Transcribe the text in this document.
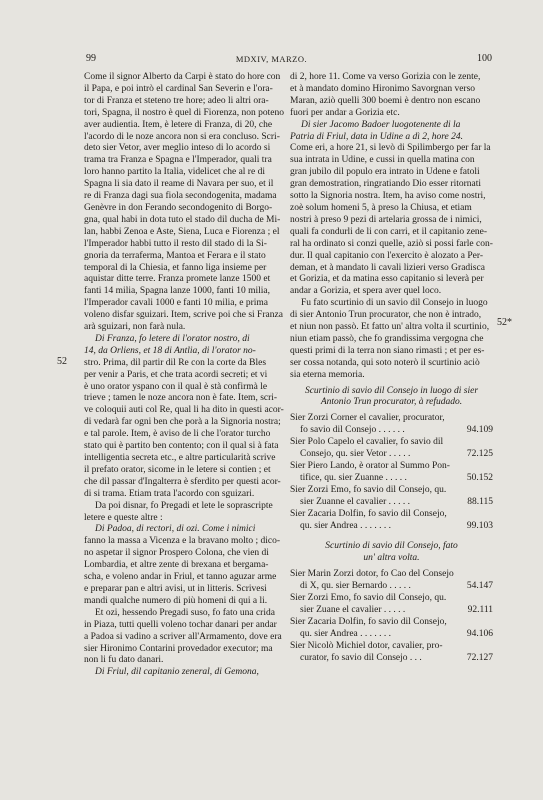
99	MDXIV, MARZO.	100
52
52*

Come il signor Alberto da Carpi è stato do hore con
il Papa, e poi intrò el cardinal San Severin e l'ora-
tor di Franza et steteno tre hore; adeo li altri ora-
tori, Spagna, il nostro è quel di Fiorenza, non poteno
aver audientia. Item, è letere di Franza, di 20, che
l'acordo di le noze ancora non si era concluso. Scri-
deto sier Vetor, aver meglio inteso di lo acordo si
trama tra Franza e Spagna e l'Imperador, quali tra
loro hanno partito la Italia, videlicet che al re di
Spagna li sia dato il reame di Navara per suo, et il
re di Franza dagi sua fiola secondogenita, madama
Genèvre in don Ferando secondogenito di Borgo-
gna, qual habi in dota tuto el stado dil ducha de Mi-
lan, habbi Zenoa e Aste, Siena, Luca e Fiorenza ; el
l'Imperador habbi tutto il resto dil stado di la Si-
gnoria da terraferma, Mantoa et Ferara e il stato
temporal di la Chiesia, et fanno liga insieme per
aquistar ditte terre. Franza promete lanze 1500 et
fanti 14 milia, Spagna lanze 1000, fanti 10 milia,
l'Imperador cavali 1000 e fanti 10 milia, e prima
voleno disfar sguizari. Item, scrive poi che si Franza
arà sguizari, non farà nula.

Di Franza, fo letere di l'orator nostro, di
14, da Orliens, et 18 di Antlia, di l'orator no-
stro. Prima, dil partir dil Re con la corte da Bles
per venir a Paris, et che trata acordi secreti; et vi
è uno orator yspano con il qual è stà confirmà le
trieve ; tamen le noze ancora non è fate. Item, scri-
ve coloquii auti col Re, qual li ha dito in questi acor-
di vedarà far ogni ben che porà a la Signoria nostra;
e tal parole. Item, è aviso de li che l'orator turcho
stato qui è partito ben contento; con il qual si à fata
intelligentia secreta etc., e altre particularità scrive
il prefato orator, sicome in le letere si contien ; et
che dil passar d'Ingalterra è sferdito per questi acor-
di si trama. Etiam trata l'acordo con sguizari.

Da poi disnar, fo Pregadi et lete le soprascripte
letere e queste altre :

Di Padoa, di rectori, di ozi. Come i nimici
fanno la massa a Vicenza e la bravano molto ; dico-
no aspetar il signor Prospero Colona, che vien di
Lombardia, et altre zente di brexana et bergama-
scha, e voleno andar in Friul, et tanno aguzar arme
e preparar pan e altri avisi, ut in litteris. Scrivesi
mandi qualche numero di più homeni di qui a li.

Et ozi, hessendo Pregadi suso, fo fato una crida
in Piaza, tutti quelli voleno tochar danari per andar
a Padoa si vadino a scriver all'Armamento, dove era
sier Hironimo Contarini provedador executor; ma
non li fu dato danari.

Di Friul, dil capitanio zeneral, di Gemona,

di 2, hore 11. Come va verso Gorizia con le zente,
et à mandato domino Hironimo Savorgnan verso
Maran, aziò quelli 300 boemi è dentro non escano
fuori per andar a Gorizia etc.

Di sier Jacomo Badoer luogotenente di la
Patria di Friul, data in Udine a dì 2, hore 24.
Come eri, a hore 21, si levò di Spilimbergo per far la
sua intrata in Udine, e cussi in quella matina con
gran jubilo dil populo era intrato in Udene e fatoli
gran demostration, ringratiando Dio esser ritornati
sotto la Signoria nostra. Item, ha aviso come nostri,
zoè solum homeni 5, à preso la Chiusa, et etiam
nostri à preso 9 pezi di artelaria grossa de i nimici,
quali fa condurli de li con carri, et il capitanio zene-
ral ha ordinato si conzi quelle, aziò si possi farle con-
dur. Il qual capitanio con l'exercito è alozato a Per-
deman, et à mandato li cavali lizieri verso Gradisca
et Gorizia, et da matina esso capitanio si leverà per
andar a Gorizia, et spera aver quel loco.

Fu fato scurtinio di un savio dil Consejo in luogo
di sier Antonio Trun procurator, che non è intrado,
et niun non passò. Et fatto un' altra volta il scurtinio,
niun etiam passò, che fo grandissima vergogna che
questi primi di la terra non siano rimasti ; et per es-
ser cossa notanda, qui soto noterò il scurtinio aciò
sia eterna memoria.

Scurtinio di savio dil Consejo in luogo di sier
Antonio Trun procurator, à refudado.

Sier Zorzi Corner el cavalier, procurator,

fo savio dil Consejo . . . . . .	94.109

Sier Polo Capelo el cavalier, fo savio dil

Consejo, qu. sier Vetor . . . . .	72.125

Sier Piero Lando, è orator al Summo Pon-

tifice, qu. sier Zuanne . . . . .	50.152

Sier Zorzi Emo, fo savio dil Consejo, qu.

sier Zuanne el cavalier . . . . .	88.115

Sier Zacaria Dolfin, fo savio dil Consejo,

qu. sier Andrea . . . . . . .	99.103

Scurtinio di savio dil Consejo, fato
un' altra volta.

Sier Marin Zorzi dotor, fo Cao del Consejo

di X, qu. sier Bernardo . . . . .	54.147

Sier Zorzi Emo, fo savio dil Consejo, qu.

sier Zuane el cavalier . . . . .	92.111

Sier Zacaria Dolfin, fo savio dil Consejo,

qu. sier Andrea . . . . . . .	94.106

Sier Nicolò Michiel dotor, cavalier, pro-

curator, fo savio dil Consejo . . .	72.127
